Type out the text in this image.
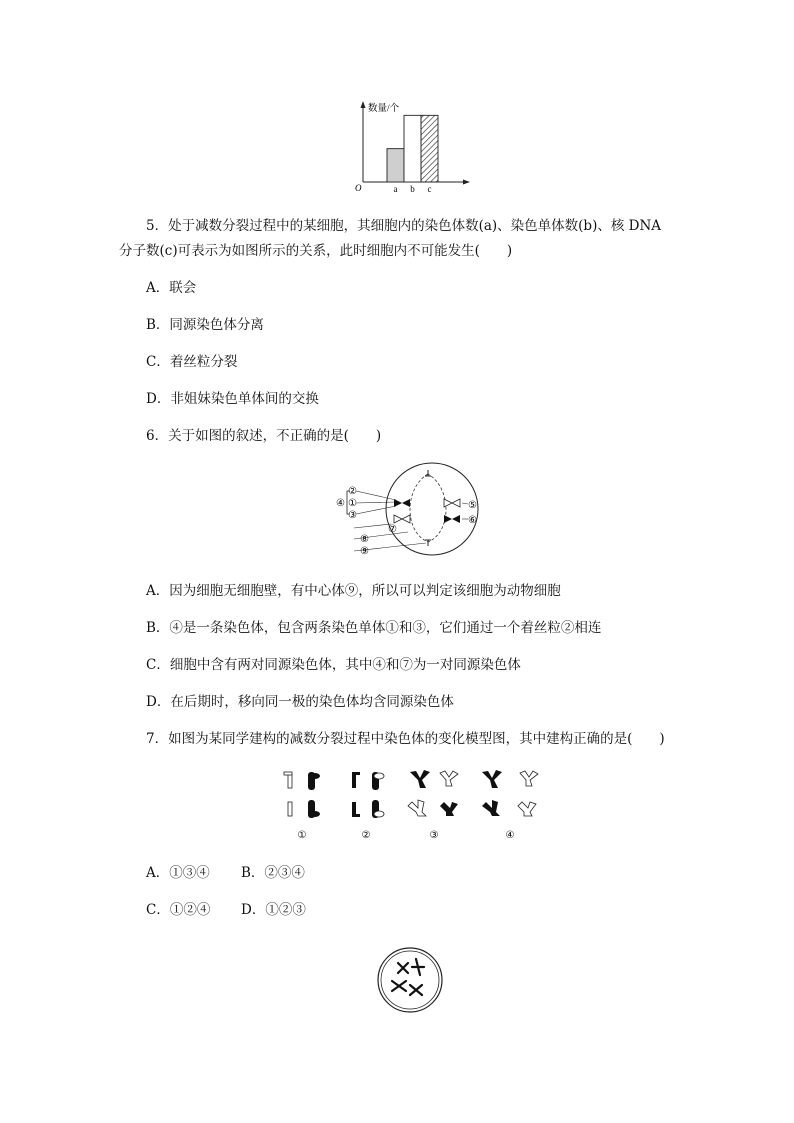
数量/个
O	a b c
5．处于减数分裂过程中的某细胞，其细胞内的染色体数(a)、染色单体数(b)、核 DNA
分子数(c)可表示为如图所示的关系，此时细胞内不可能发生(　　)
A．联会
B．同源染色体分离
C．着丝粒分裂
D．非姐妹染色单体间的交换
6．关于如图的叙述，不正确的是(　　)
②
①
③
④	⑤
⑥
⑦
⑧
⑨
A．因为细胞无细胞壁，有中心体⑨，所以可以判定该细胞为动物细胞
B．④是一条染色体，包含两条染色单体①和③，它们通过一个着丝粒②相连
C．细胞中含有两对同源染色体，其中④和⑦为一对同源染色体
D．在后期时，移向同一极的染色体均含同源染色体
7．如图为某同学建构的减数分裂过程中染色体的变化模型图，其中建构正确的是(　　)
①	②	③	④
A．①③④ B．②③④
C．①②④ D．①②③
